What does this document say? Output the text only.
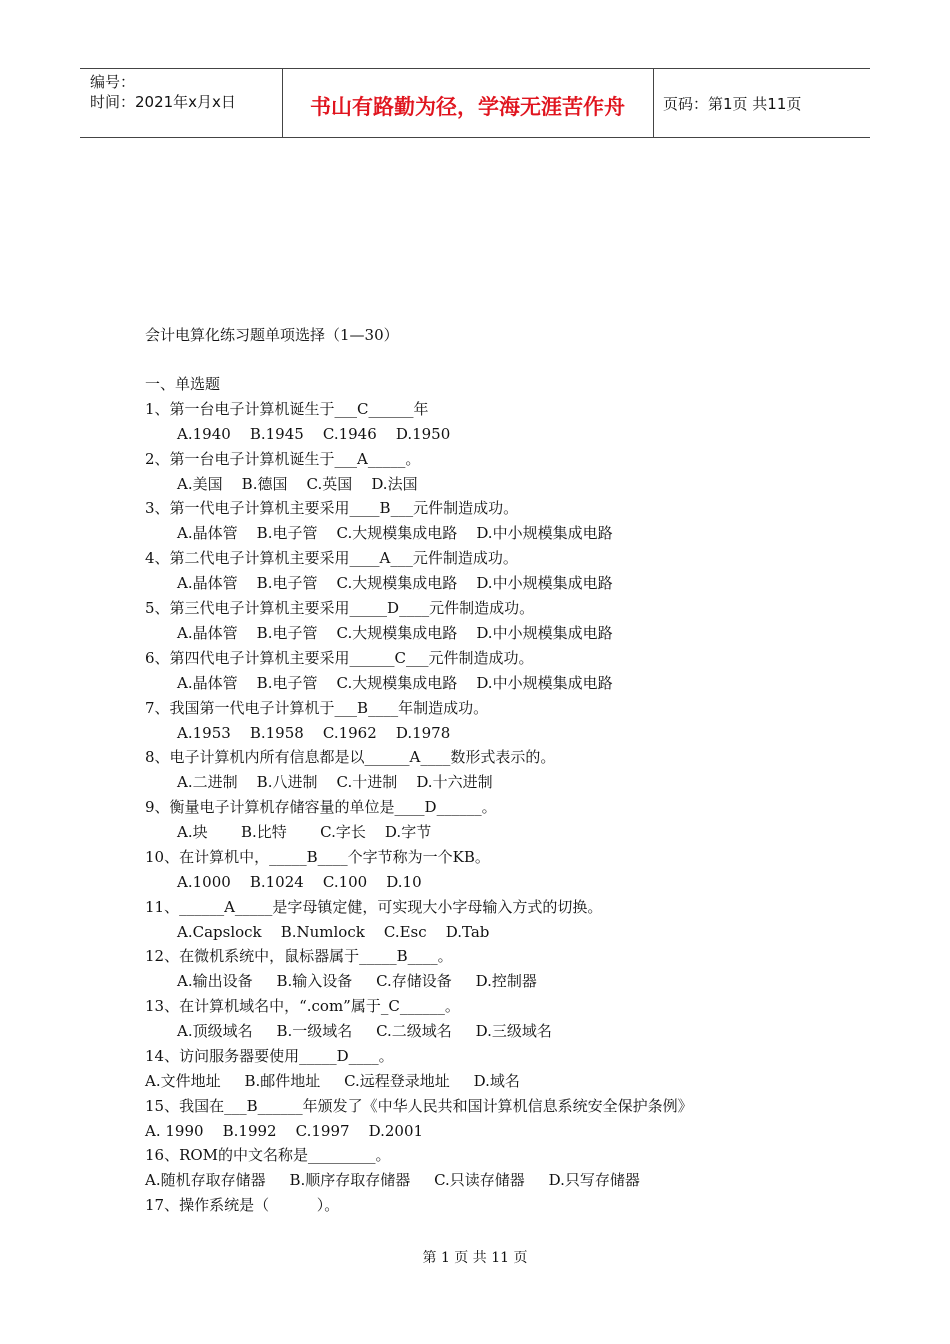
编号：
时间：2021年x月x日	书山有路勤为径，学海无涯苦作舟	页码：第1页 共11页
会计电算化练习题单项选择（1—30）
一、单选题
1、第一台电子计算机诞生于___C______年
A.1940    B.1945    C.1946    D.1950
2、第一台电子计算机诞生于___A_____。
A.美国    B.德国    C.英国    D.法国
3、第一代电子计算机主要采用____B___元件制造成功。
A.晶体管    B.电子管    C.大规模集成电路    D.中小规模集成电路
4、第二代电子计算机主要采用____A___元件制造成功。
A.晶体管    B.电子管    C.大规模集成电路    D.中小规模集成电路
5、第三代电子计算机主要采用_____D____元件制造成功。
A.晶体管    B.电子管    C.大规模集成电路    D.中小规模集成电路
6、第四代电子计算机主要采用______C___元件制造成功。
A.晶体管    B.电子管    C.大规模集成电路    D.中小规模集成电路
7、我国第一代电子计算机于___B____年制造成功。
A.1953    B.1958    C.1962    D.1978
8、电子计算机内所有信息都是以______A____数形式表示的。
A.二进制    B.八进制    C.十进制    D.十六进制
9、衡量电子计算机存储容量的单位是____D______。
A.块       B.比特       C.字长    D.字节
10、在计算机中，_____B____个字节称为一个KB。
A.1000    B.1024    C.100    D.10
11、______A_____是字母镇定健，可实现大小字母输入方式的切换。
A.Capslock    B.Numlock    C.Esc    D.Tab
12、在微机系统中，鼠标器属于_____B____。
A.输出设备     B.输入设备     C.存储设备     D.控制器
13、在计算机域名中，“.com”属于_C______。
A.顶级域名     B.一级域名     C.二级域名     D.三级域名
14、访问服务器要使用_____D____。
A.文件地址     B.邮件地址     C.远程登录地址     D.域名
15、我国在___B______年颁发了《中华人民共和国计算机信息系统安全保护条例》
A. 1990    B.1992    C.1997    D.2001
16、ROM的中文名称是_________。
A.随机存取存储器     B.顺序存取存储器     C.只读存储器     D.只写存储器
17、操作系统是（          ）。
第 1 页 共 11 页
